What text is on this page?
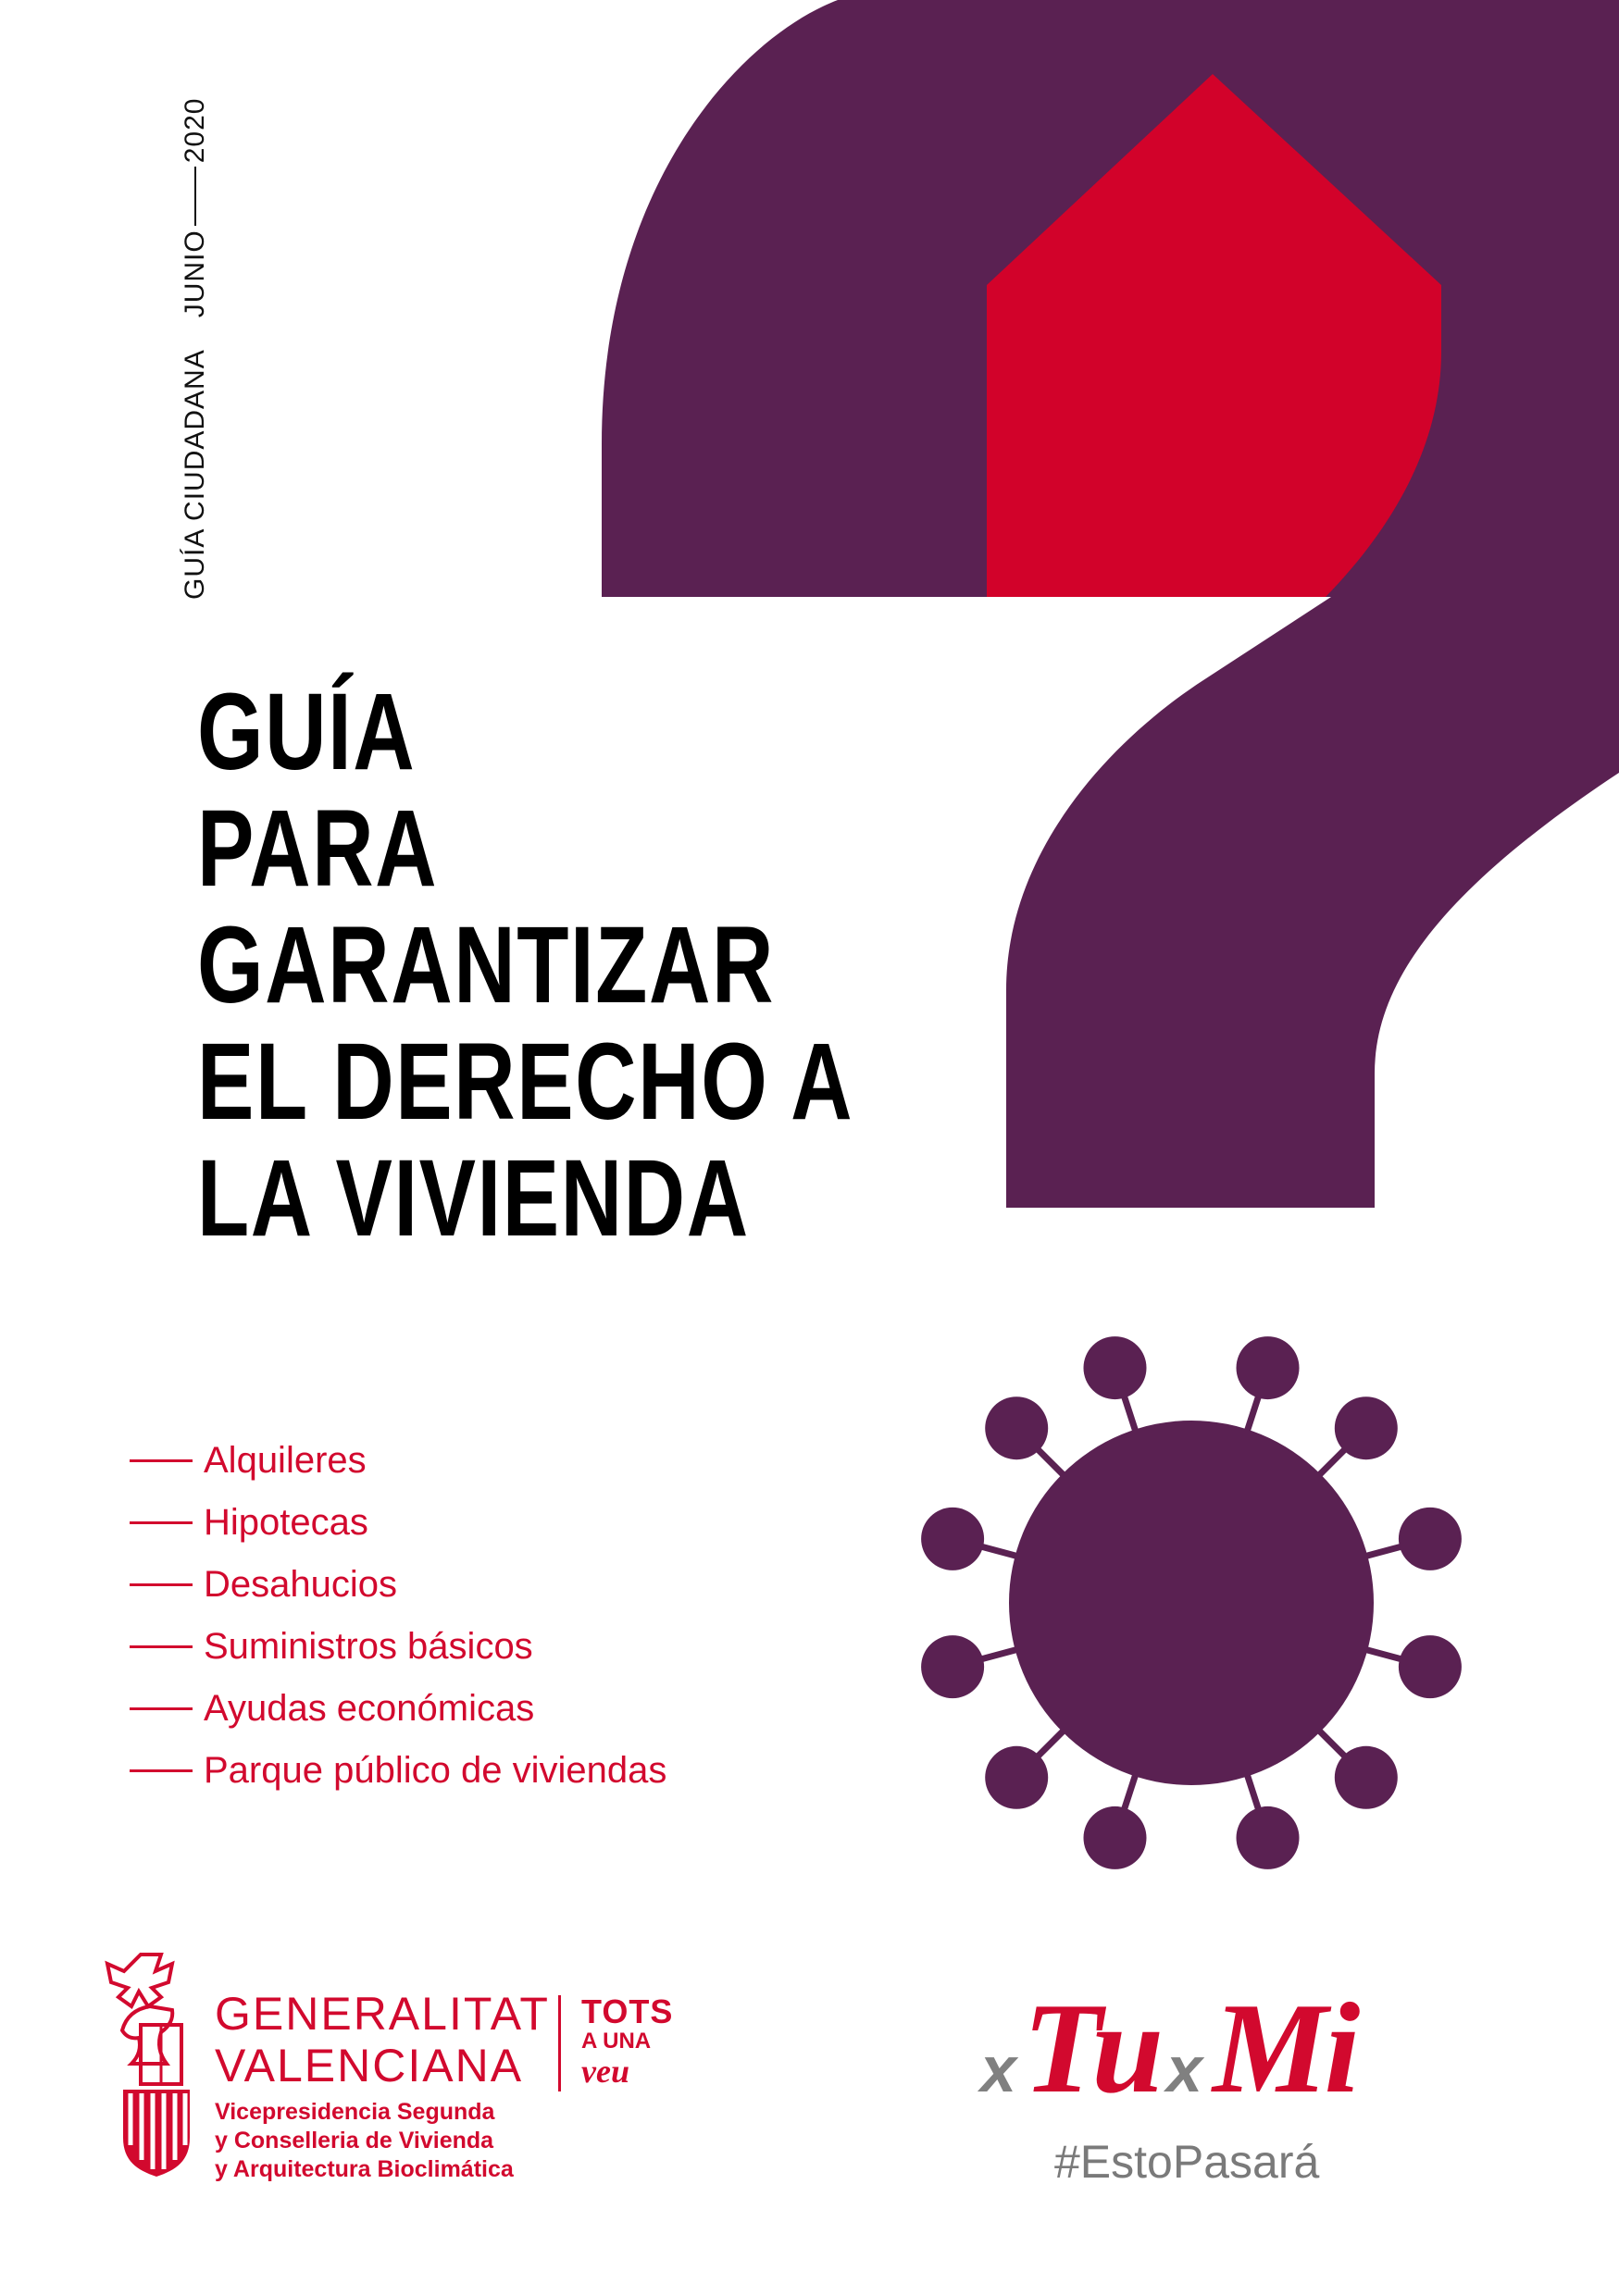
GUÍA CIUDADANA
JUNIO
2020
GUÍA
PARA
GARANTIZAR
EL DERECHO A
LA VIVIENDA
Alquileres
Hipotecas
Desahucios
Suministros básicos
Ayudas económicas
Parque público de viviendas
GENERALITAT
VALENCIANA
TOTS
A UNA
veu
Vicepresidencia Segunda
y Conselleria de Vivienda
y Arquitectura Bioclimática
x Tu x Mi
#EstoPasará
